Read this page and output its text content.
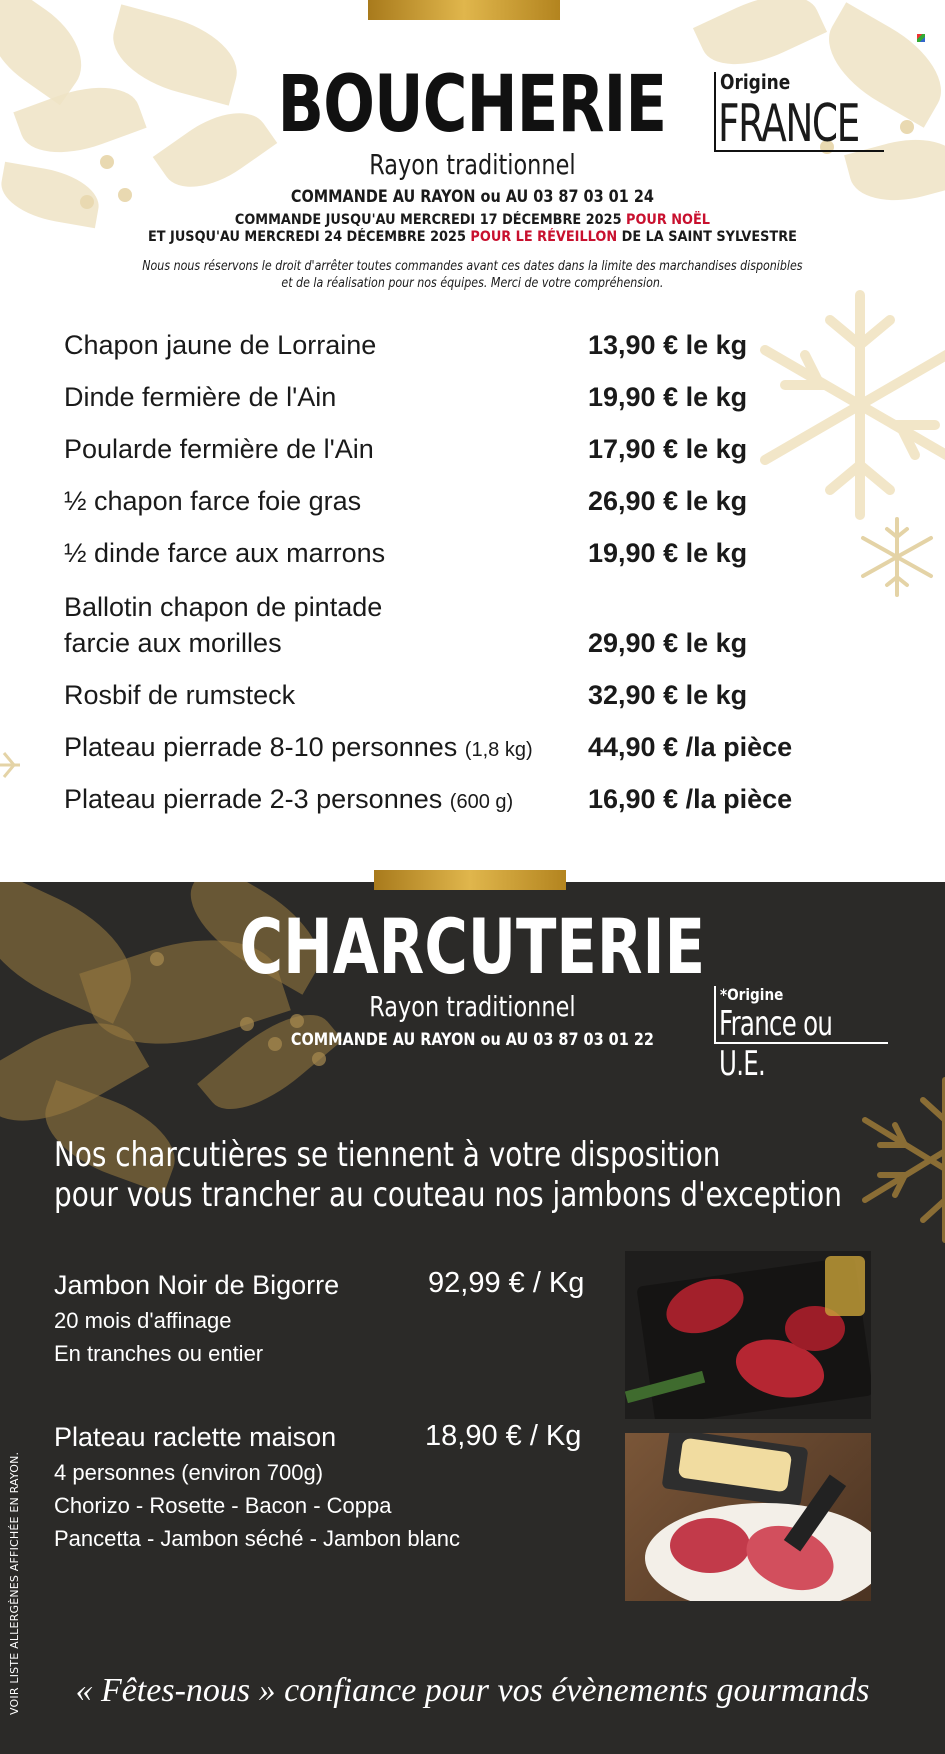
BOUCHERIE	Origine
FRANCE
Rayon traditionnel
COMMANDE AU RAYON ou AU 03 87 03 01 24
COMMANDE JUSQU'AU MERCREDI 17 DÉCEMBRE 2025 POUR NOËL
ET JUSQU'AU MERCREDI 24 DÉCEMBRE 2025 POUR LE RÉVEILLON DE LA SAINT SYLVESTRE
Nous nous réservons le droit d'arrêter toutes commandes avant ces dates dans la limite des marchandises disponibles
et de la réalisation pour nos équipes. Merci de votre compréhension.
Chapon jaune de Lorraine	13,90 € le kg
Dinde fermière de l'Ain	19,90 € le kg
Poularde fermière de l'Ain	17,90 € le kg
½ chapon farce foie gras	26,90 € le kg
½ dinde farce aux marrons	19,90 € le kg
Ballotin chapon de pintade
farcie aux morilles	29,90 € le kg
Rosbif de rumsteck	32,90 € le kg
Plateau pierrade 8-10 personnes (1,8 kg) 44,90 € /la pièce
Plateau pierrade 2-3 personnes (600 g)	16,90 € /la pièce
CHARCUTERIE
Rayon traditionnel
COMMANDE AU RAYON ou AU 03 87 03 01 22
*Origine
France ou U.E.
Nos charcutières se tiennent à votre disposition
pour vous trancher au couteau nos jambons d'exception
Jambon Noir de Bigorre	92,99 € / Kg
20 mois d'affinage
En tranches ou entier
Plateau raclette maison	18,90 € / Kg
4 personnes (environ 700g)
Chorizo - Rosette - Bacon - Coppa
Pancetta - Jambon séché - Jambon blanc
VOIR LISTE ALLERGÈNES AFFICHÉE EN RAYON.	« Fêtes-nous » confiance pour vos évènements gourmands
